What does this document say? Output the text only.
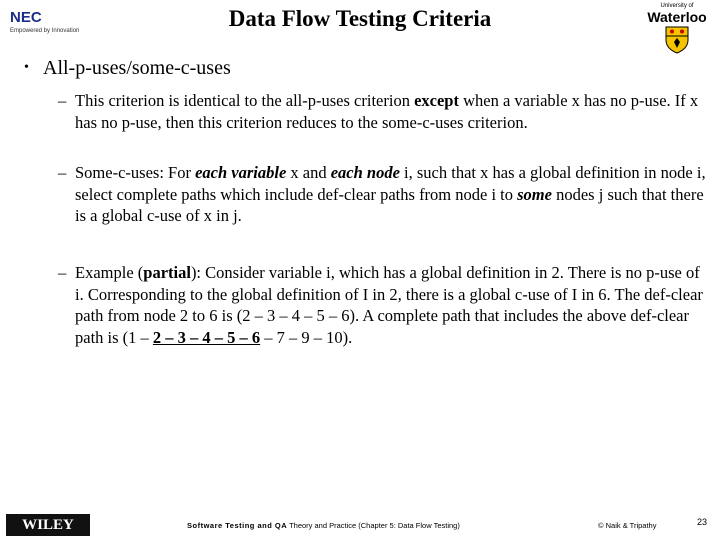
NEC
Empowered by Innovation	Data Flow Testing Criteria	University of
Waterloo
• All-p-uses/some-c-uses
– This criterion is identical to the all-p-uses criterion except when a variable x has no p-use. If x has no p-use, then this criterion reduces to the some-c-uses criterion.
– Some-c-uses: For each variable x and each node i, such that x has a global definition in node i, select complete paths which include def-clear paths from node i to some nodes j such that there is a global c-use of x in j.
– Example (partial): Consider variable i, which has a global definition in 2. There is no p-use of i. Corresponding to the global definition of I in 2, there is a global c-use of I in 6. The def-clear path from node 2 to 6 is (2 – 3 – 4 – 5 – 6). A complete path that includes the above def-clear path is (1 – 2 – 3 – 4 – 5 – 6 – 7 – 9 – 10).
WILEY	Software Testing and QA Theory and Practice (Chapter 5: Data Flow Testing)	© Naik & Tripathy	23
